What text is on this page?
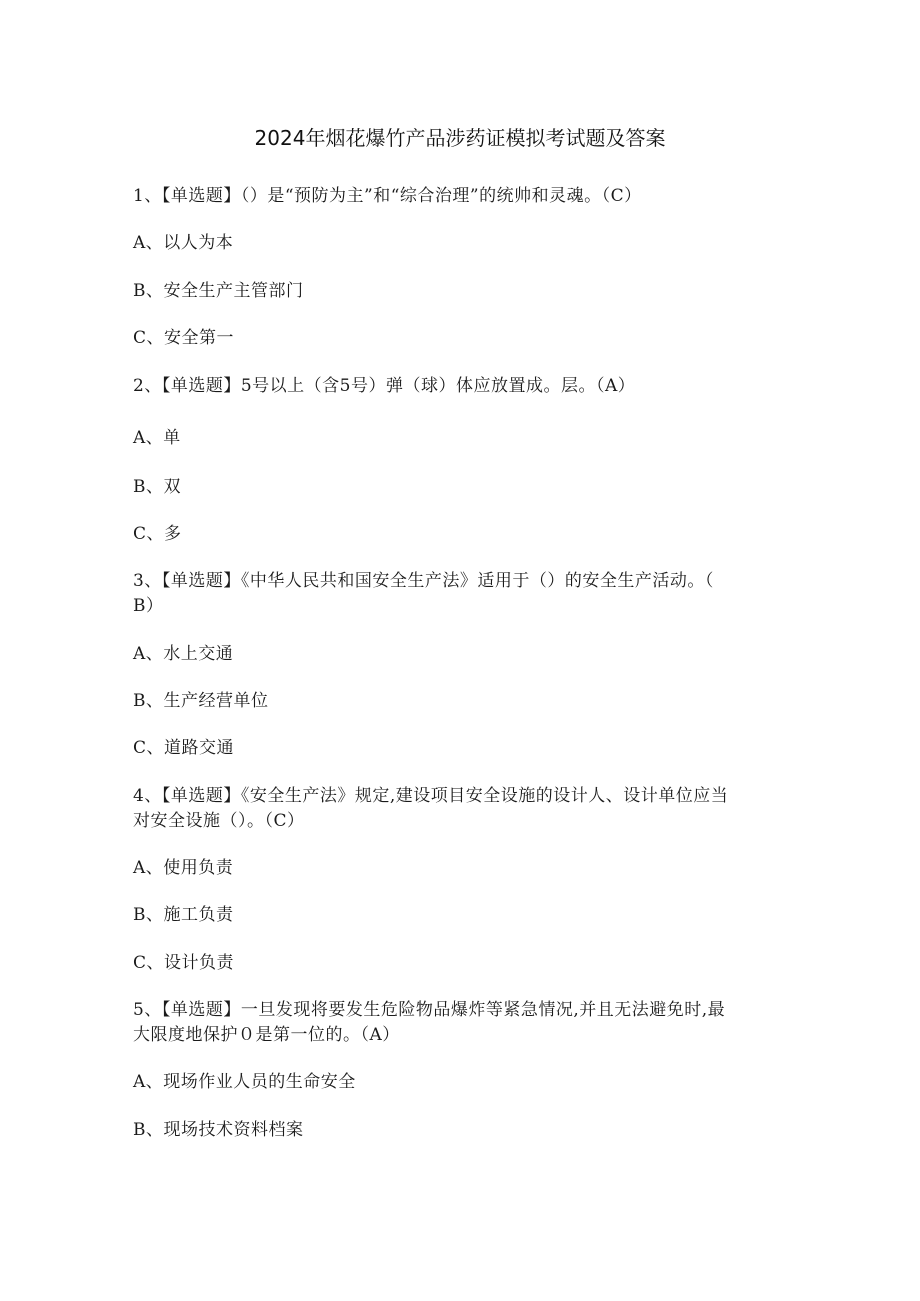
2024年烟花爆竹产品涉药证模拟考试题及答案
1、【单选题】（）是“预防为主”和“综合治理”的统帅和灵魂。（C）
A、以人为本
B、安全生产主管部门
C、安全第一
2、【单选题】5号以上（含5号）弹（球）体应放置成。层。（A）
A、单
B、双
C、多
3、【单选题】《中华人民共和国安全生产法》适用于（）的安全生产活动。（
B）
A、水上交通
B、生产经营单位
C、道路交通
4、【单选题】《安全生产法》规定,建设项目安全设施的设计人、设计单位应当
对安全设施（）。（C）
A、使用负责
B、施工负责
C、设计负责
5、【单选题】一旦发现将要发生危险物品爆炸等紧急情况,并且无法避免时,最
大限度地保护０是第一位的。（A）
A、现场作业人员的生命安全
B、现场技术资料档案
